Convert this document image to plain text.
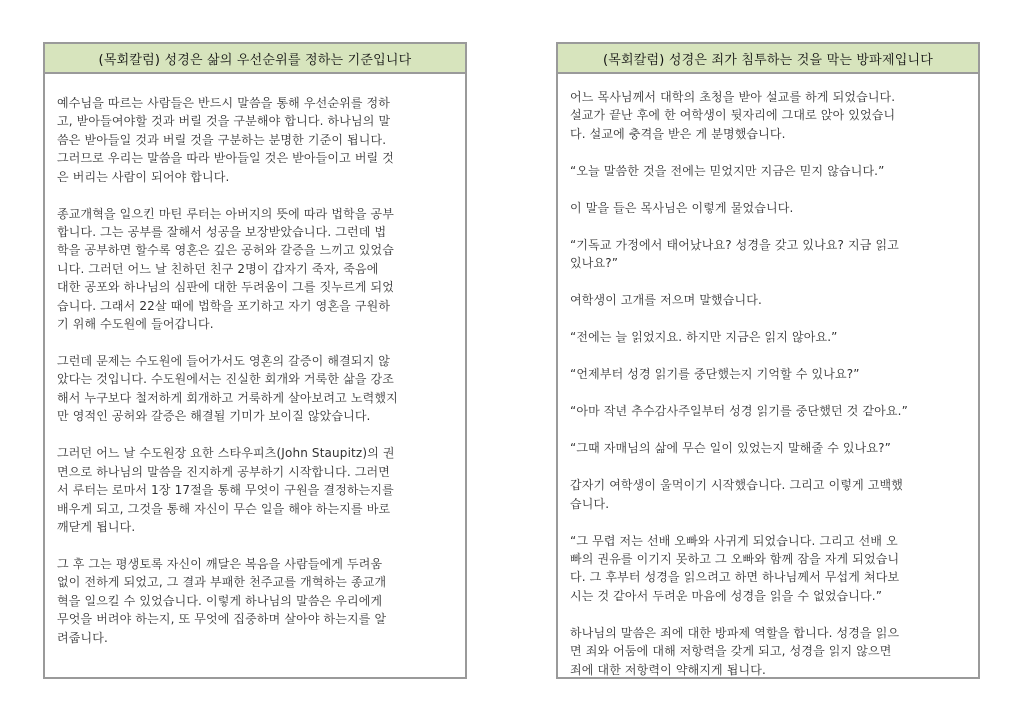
(목회칼럼) 성경은 삶의 우선순위를 정하는 기준입니다

예수님을 따르는 사람들은 반드시 말씀을 통해 우선순위를 정하
고, 받아들여야할 것과 버릴 것을 구분해야 합니다. 하나님의 말
씀은 받아들일 것과 버릴 것을 구분하는 분명한 기준이 됩니다.
그러므로 우리는 말씀을 따라 받아들일 것은 받아들이고 버릴 것
은 버리는 사람이 되어야 합니다.

종교개혁을 일으킨 마틴 루터는 아버지의 뜻에 따라 법학을 공부
합니다. 그는 공부를 잘해서 성공을 보장받았습니다. 그런데 법
학을 공부하면 할수록 영혼은 깊은 공허와 갈증을 느끼고 있었습
니다. 그러던 어느 날 친하던 친구 2명이 갑자기 죽자, 죽음에
대한 공포와 하나님의 심판에 대한 두려움이 그를 짓누르게 되었
습니다. 그래서 22살 때에 법학을 포기하고 자기 영혼을 구원하
기 위해 수도원에 들어갑니다.

그런데 문제는 수도원에 들어가서도 영혼의 갈증이 해결되지 않
았다는 것입니다. 수도원에서는 진실한 회개와 거룩한 삶을 강조
해서 누구보다 철저하게 회개하고 거룩하게 살아보려고 노력했지
만 영적인 공허와 갈증은 해결될 기미가 보이질 않았습니다.

그러던 어느 날 수도원장 요한 스타우피츠(John Staupitz)의 권
면으로 하나님의 말씀을 진지하게 공부하기 시작합니다. 그러면
서 루터는 로마서 1장 17절을 통해 무엇이 구원을 결정하는지를
배우게 되고, 그것을 통해 자신이 무슨 일을 해야 하는지를 바로
깨닫게 됩니다.

그 후 그는 평생토록 자신이 깨달은 복음을 사람들에게 두려움
없이 전하게 되었고, 그 결과 부패한 천주교를 개혁하는 종교개
혁을 일으킬 수 있었습니다. 이렇게 하나님의 말씀은 우리에게
무엇을 버려야 하는지, 또 무엇에 집중하며 살아야 하는지를 알
려줍니다.

(목회칼럼) 성경은 죄가 침투하는 것을 막는 방파제입니다

어느 목사님께서 대학의 초청을 받아 설교를 하게 되었습니다.
설교가 끝난 후에 한 여학생이 뒷자리에 그대로 앉아 있었습니
다. 설교에 충격을 받은 게 분명했습니다.

“오늘 말씀한 것을 전에는 믿었지만 지금은 믿지 않습니다.”

이 말을 들은 목사님은 이렇게 물었습니다.

“기독교 가정에서 태어났나요? 성경을 갖고 있나요? 지금 읽고
있나요?”

여학생이 고개를 저으며 말했습니다.

“전에는 늘 읽었지요. 하지만 지금은 읽지 않아요.”

“언제부터 성경 읽기를 중단했는지 기억할 수 있나요?”

“아마 작년 추수감사주일부터 성경 읽기를 중단했던 것 같아요.”

“그때 자매님의 삶에 무슨 일이 있었는지 말해줄 수 있나요?”

갑자기 여학생이 울먹이기 시작했습니다. 그리고 이렇게 고백했
습니다.

“그 무렵 저는 선배 오빠와 사귀게 되었습니다. 그리고 선배 오
빠의 권유를 이기지 못하고 그 오빠와 함께 잠을 자게 되었습니
다. 그 후부터 성경을 읽으려고 하면 하나님께서 무섭게 쳐다보
시는 것 같아서 두려운 마음에 성경을 읽을 수 없었습니다.”

하나님의 말씀은 죄에 대한 방파제 역할을 합니다. 성경을 읽으
면 죄와 어둠에 대해 저항력을 갖게 되고, 성경을 읽지 않으면
죄에 대한 저항력이 약해지게 됩니다.
